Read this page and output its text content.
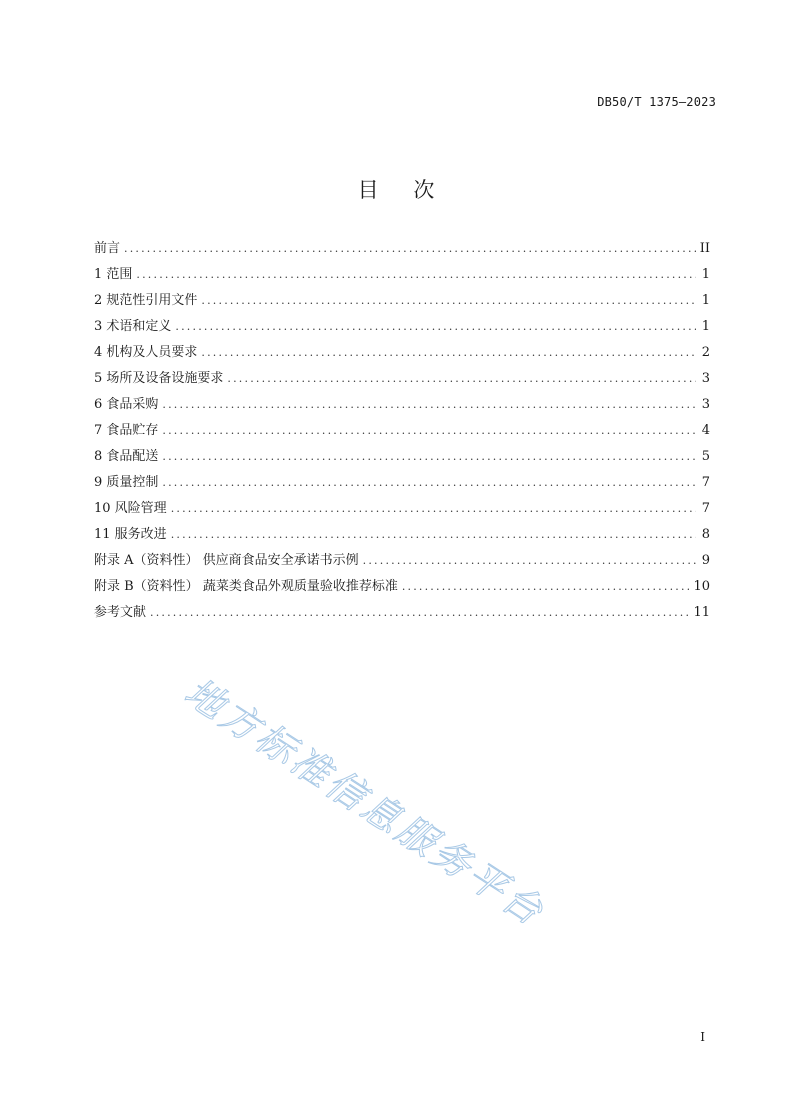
DB50/T 1375—2023
目 次
前言 .....	II
1 范围 .....	1
2 规范性引用文件 .....	1
3 术语和定义 .....	1
4 机构及人员要求 .....	2
5 场所及设备设施要求 .....	3
6 食品采购 .....	3
7 食品贮存 .....	4
8 食品配送 .....	5
9 质量控制 .....	7
10 风险管理 .....	7
11 服务改进 .....	8
附录 A（资料性） 供应商食品安全承诺书示例 .....	9
附录 B（资料性） 蔬菜类食品外观质量验收推荐标准 .....	10
参考文献 .....	11
地方标准信息服务平台
I
